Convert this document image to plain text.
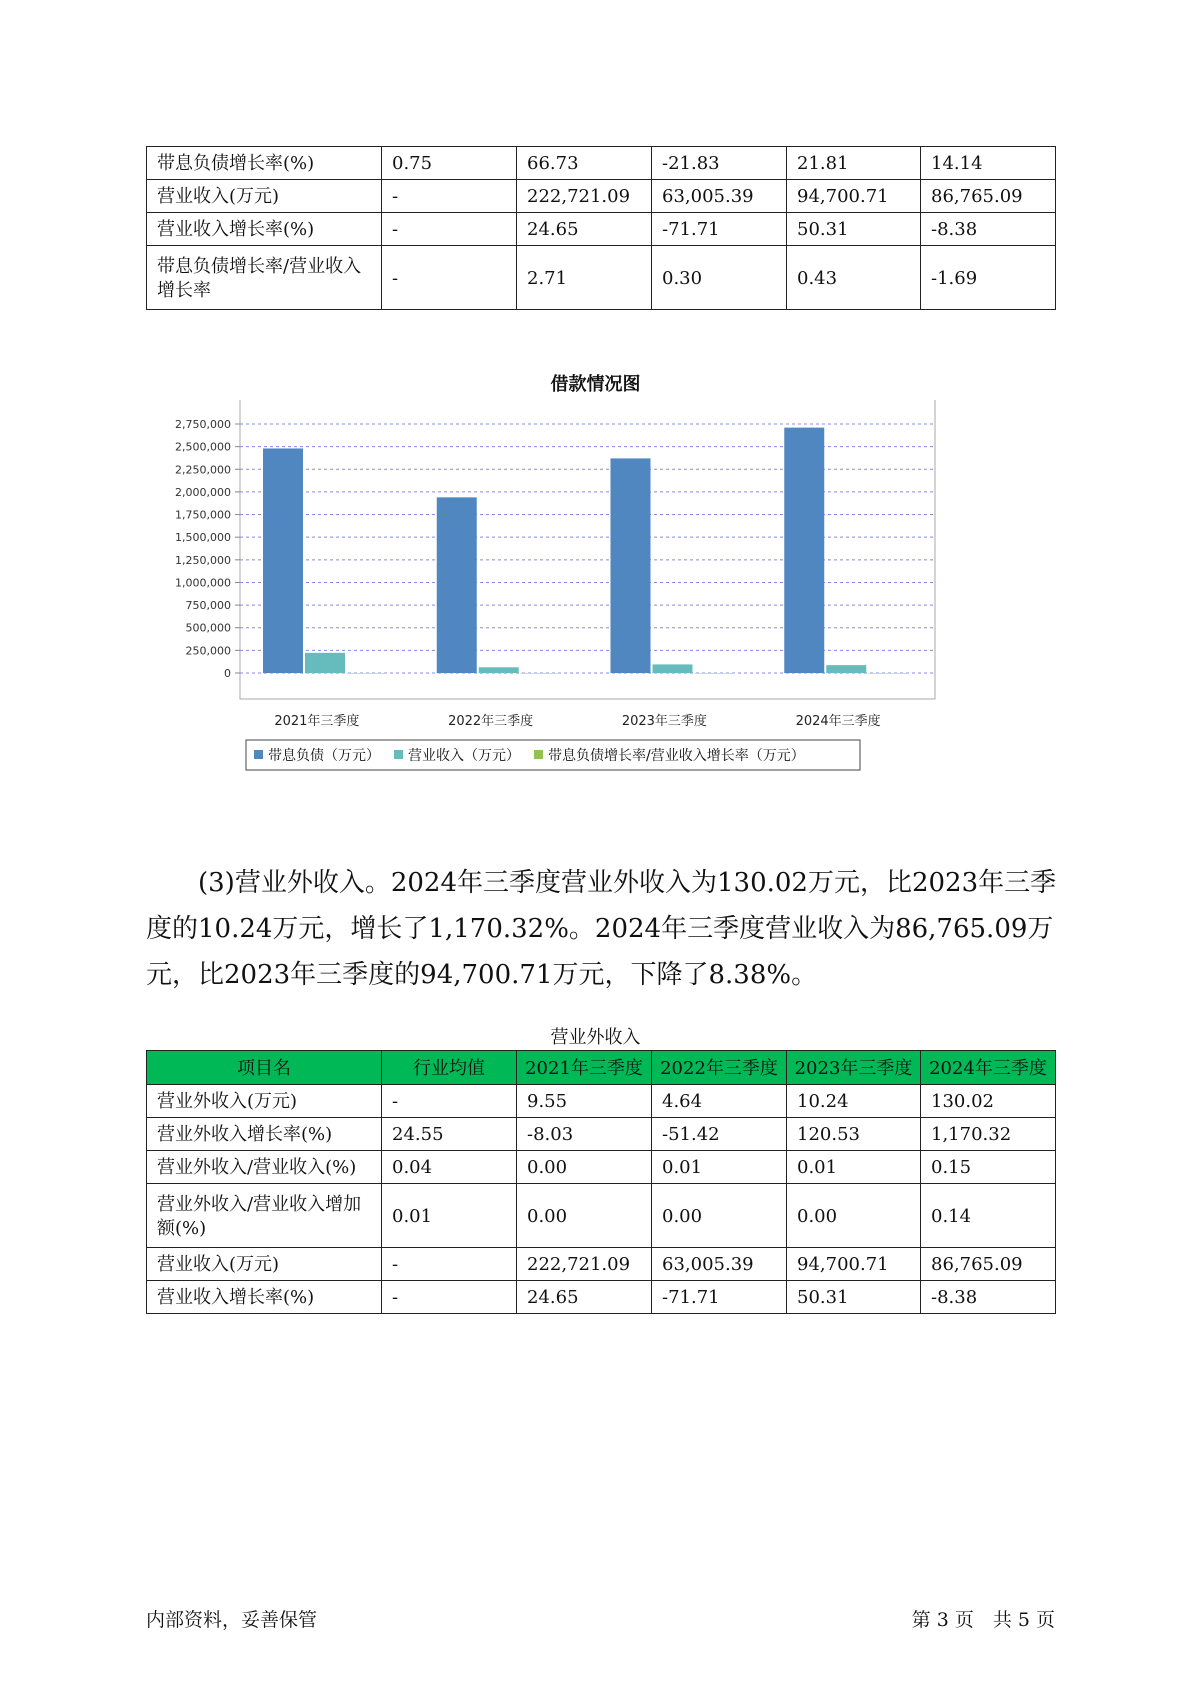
带息负债增长率(%)	0.75	66.73	-21.83	21.81	14.14
营业收入(万元)	-	222,721.09	63,005.39	94,700.71	86,765.09
营业收入增长率(%)	-	24.65	-71.71	50.31	-8.38
带息负债增长率/营业收入增长率	-	2.71	0.30	0.43	-1.69
借款情况图
0
250,000
500,000
750,000
1,000,000
1,250,000
1,500,000
1,750,000
2,000,000
2,250,000
2,500,000
2,750,000
2021年三季度	2022年三季度	2023年三季度	2024年三季度
带息负债（万元） 营业收入（万元） 带息负债增长率/营业收入增长率（万元）

(3)营业外收入。2024年三季度营业外收入为130.02万元，比2023年三季度的10.24万元，增长了1,170.32%。2024年三季度营业收入为86,765.09万元，比2023年三季度的94,700.71万元，下降了8.38%。

营业外收入
项目名	行业均值	2021年三季度	2022年三季度	2023年三季度	2024年三季度
营业外收入(万元)	-	9.55	4.64	10.24	130.02
营业外收入增长率(%)	24.55	-8.03	-51.42	120.53	1,170.32
营业外收入/营业收入(%)	0.04	0.00	0.01	0.01	0.15
营业外收入/营业收入增加额(%)	0.01	0.00	0.00	0.00	0.14
营业收入(万元)	-	222,721.09	63,005.39	94,700.71	86,765.09
营业收入增长率(%)	-	24.65	-71.71	50.31	-8.38
内部资料，妥善保管	第 3 页　共 5 页
